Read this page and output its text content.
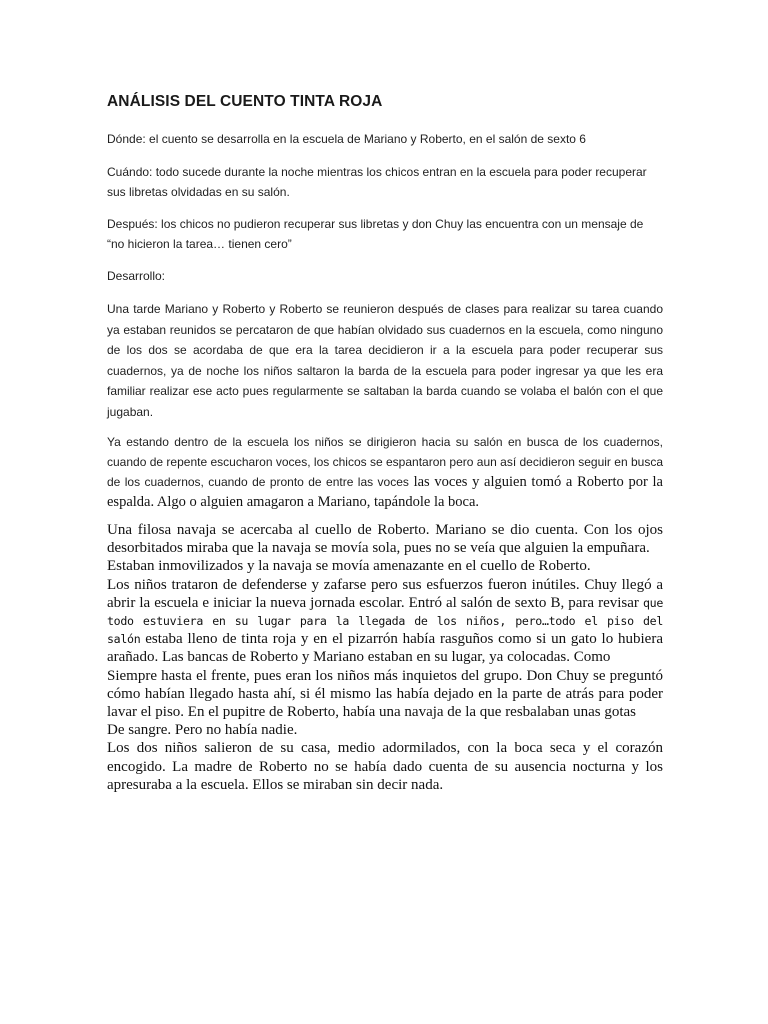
ANÁLISIS DEL CUENTO TINTA ROJA

Dónde: el cuento se desarrolla en la escuela de Mariano y Roberto, en el salón de sexto 6

Cuándo: todo sucede durante la noche mientras los chicos entran en la escuela para poder recuperar sus libretas olvidadas en su salón.

Después: los chicos no pudieron recuperar sus libretas y don Chuy las encuentra con un mensaje de “no hicieron la tarea… tienen cero”

Desarrollo:

Una tarde Mariano y Roberto y Roberto se reunieron después de clases para realizar su tarea cuando ya estaban reunidos se percataron de que habían olvidado sus cuadernos en la escuela, como ninguno de los dos se acordaba de que era la tarea decidieron ir a la escuela para poder recuperar sus cuadernos, ya de noche los niños saltaron la barda de la escuela para poder ingresar ya que les era familiar realizar ese acto pues regularmente se saltaban la barda cuando se volaba el balón con el que jugaban.

Ya estando dentro de la escuela los niños se dirigieron hacia su salón en busca de los cuadernos, cuando de repente escucharon voces, los chicos se espantaron pero aun así decidieron seguir en busca de los cuadernos, cuando de pronto de entre las voces las voces y alguien tomó a Roberto por la espalda. Algo o alguien amagaron a Mariano, tapándole la boca.

Una filosa navaja se acercaba al cuello de Roberto. Mariano se dio cuenta. Con los ojos desorbitados miraba que la navaja se movía sola, pues no se veía que alguien la empuñara.

Estaban inmovilizados y la navaja se movía amenazante en el cuello de Roberto.

Los niños trataron de defenderse y zafarse pero sus esfuerzos fueron inútiles. Chuy llegó a abrir la escuela e iniciar la nueva jornada escolar. Entró al salón de sexto B, para revisar que todo estuviera en su lugar para la llegada de los niños, pero…todo el piso del salón estaba lleno de tinta roja y en el pizarrón había rasguños como si un gato lo hubiera arañado. Las bancas de Roberto y Mariano estaban en su lugar, ya colocadas. Como

Siempre hasta el frente, pues eran los niños más inquietos del grupo. Don Chuy se preguntó cómo habían llegado hasta ahí, si él mismo las había dejado en la parte de atrás para poder lavar el piso. En el pupitre de Roberto, había una navaja de la que resbalaban unas gotas

De sangre. Pero no había nadie.

Los dos niños salieron de su casa, medio adormilados, con la boca seca y el corazón encogido. La madre de Roberto no se había dado cuenta de su ausencia nocturna y los apresuraba a la escuela. Ellos se miraban sin decir nada.
